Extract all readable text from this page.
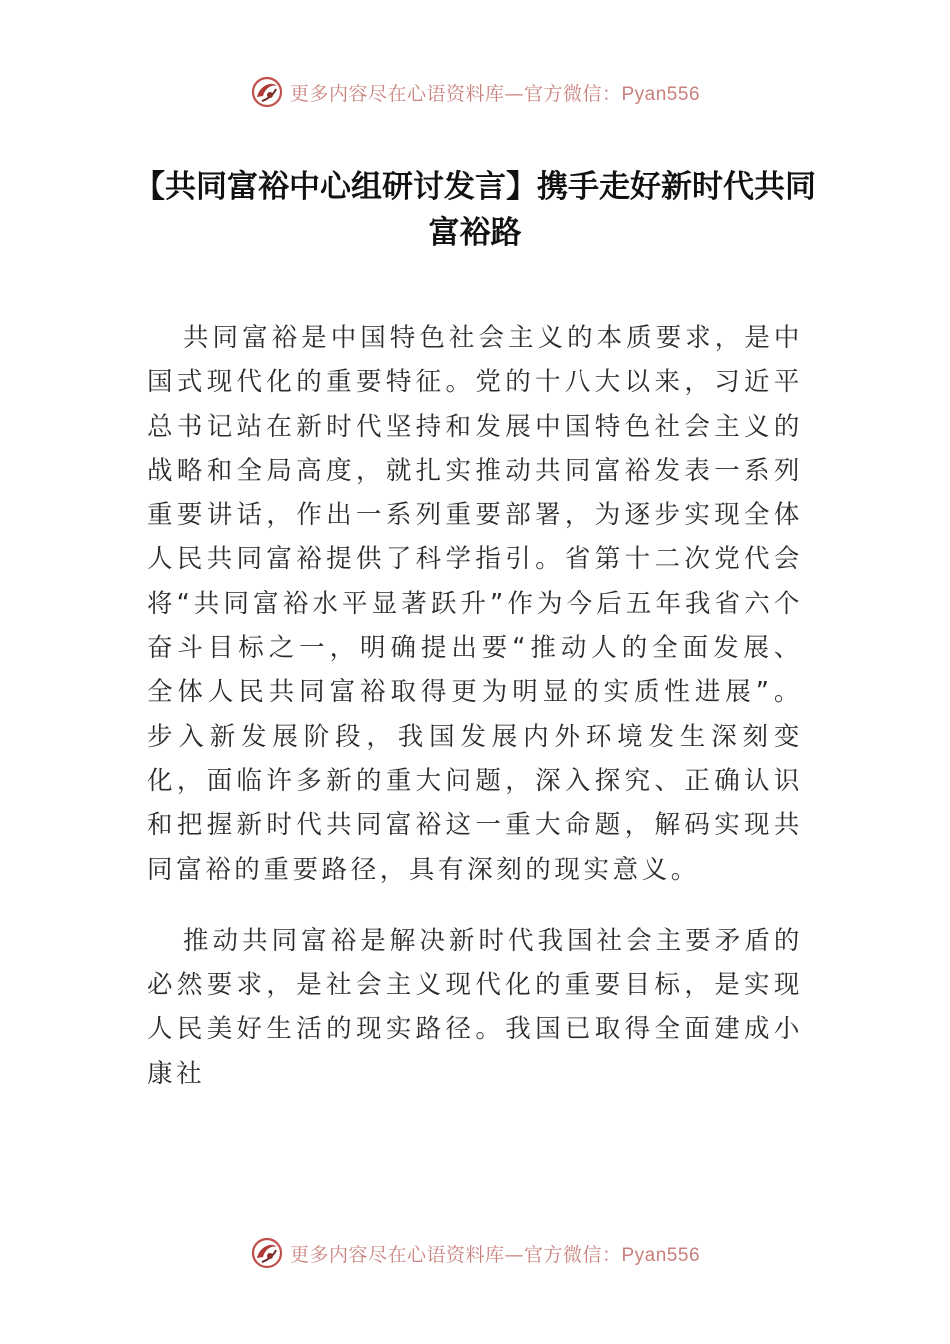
更多内容尽在心语资料库—官方微信：Pyan556
【共同富裕中心组研讨发言】携手走好新时代共同富裕路

共同富裕是中国特色社会主义的本质要求，是中国式现代化的重要特征。党的十八大以来，习近平总书记站在新时代坚持和发展中国特色社会主义的战略和全局高度，就扎实推动共同富裕发表一系列重要讲话，作出一系列重要部署，为逐步实现全体人民共同富裕提供了科学指引。省第十二次党代会将“共同富裕水平显著跃升”作为今后五年我省六个奋斗目标之一，明确提出要“推动人的全面发展、全体人民共同富裕取得更为明显的实质性进展”。步入新发展阶段，我国发展内外环境发生深刻变化，面临许多新的重大问题，深入探究、正确认识和把握新时代共同富裕这一重大命题，解码实现共同富裕的重要路径，具有深刻的现实意义。

推动共同富裕是解决新时代我国社会主要矛盾的必然要求，是社会主义现代化的重要目标，是实现人民美好生活的现实路径。我国已取得全面建成小康社

更多内容尽在心语资料库—官方微信：Pyan556
